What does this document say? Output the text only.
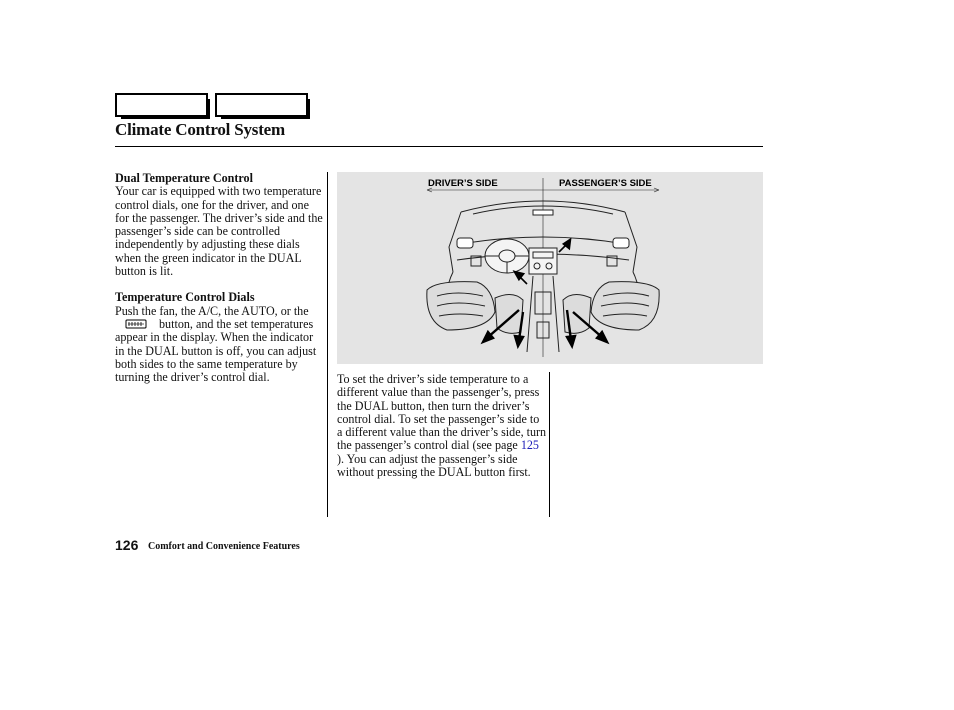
Climate Control System

Dual Temperature Control

Your car is equipped with two temperature control dials, one for the driver, and one for the passenger. The driver’s side and the passenger’s side can be controlled independently by adjusting these dials when the green indicator in the DUAL button is lit.

Temperature Control Dials

Push the fan, the A/C, the AUTO, or thebutton, and the set temperatures appear in the display. When the indicator in the DUAL button is off, you can adjust both sides to the same temperature by turning the driver’s control dial.

DRIVER’S SIDE	PASSENGER’S SIDE

To set the driver’s side temperature to a different value than the passenger’s, press the DUAL button, then turn the driver’s control dial. To set the passenger’s side to a different value than the driver’s side, turn the passenger’s control dial (see page 125 ). You can adjust the passenger’s side without pressing the DUAL button first.

126 Comfort and Convenience Features
